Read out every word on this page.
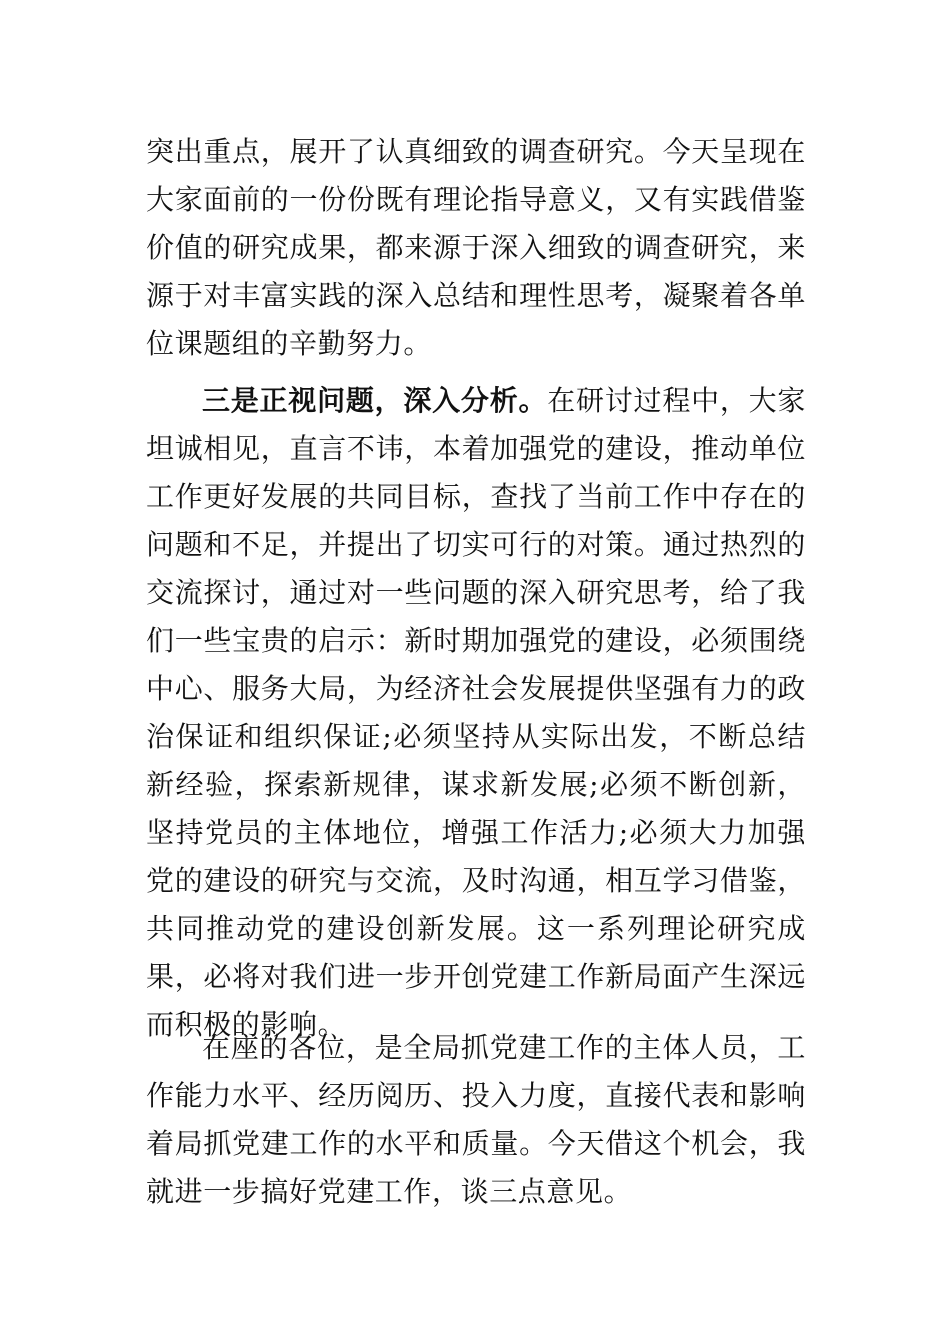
突出重点，展开了认真细致的调查研究。今天呈现在大家面前的一份份既有理论指导意义，又有实践借鉴价值的研究成果，都来源于深入细致的调查研究，来源于对丰富实践的深入总结和理性思考，凝聚着各单位课题组的辛勤努力。

三是正视问题，深入分析。在研讨过程中，大家坦诚相见，直言不讳，本着加强党的建设，推动单位工作更好发展的共同目标，查找了当前工作中存在的问题和不足，并提出了切实可行的对策。通过热烈的交流探讨，通过对一些问题的深入研究思考，给了我们一些宝贵的启示：新时期加强党的建设，必须围绕中心、服务大局，为经济社会发展提供坚强有力的政治保证和组织保证;必须坚持从实际出发，不断总结新经验，探索新规律，谋求新发展;必须不断创新，坚持党员的主体地位，增强工作活力;必须大力加强党的建设的研究与交流，及时沟通，相互学习借鉴，共同推动党的建设创新发展。这一系列理论研究成果，必将对我们进一步开创党建工作新局面产生深远而积极的影响。

在座的各位，是全局抓党建工作的主体人员，工作能力水平、经历阅历、投入力度，直接代表和影响着局抓党建工作的水平和质量。今天借这个机会，我就进一步搞好党建工作，谈三点意见。
